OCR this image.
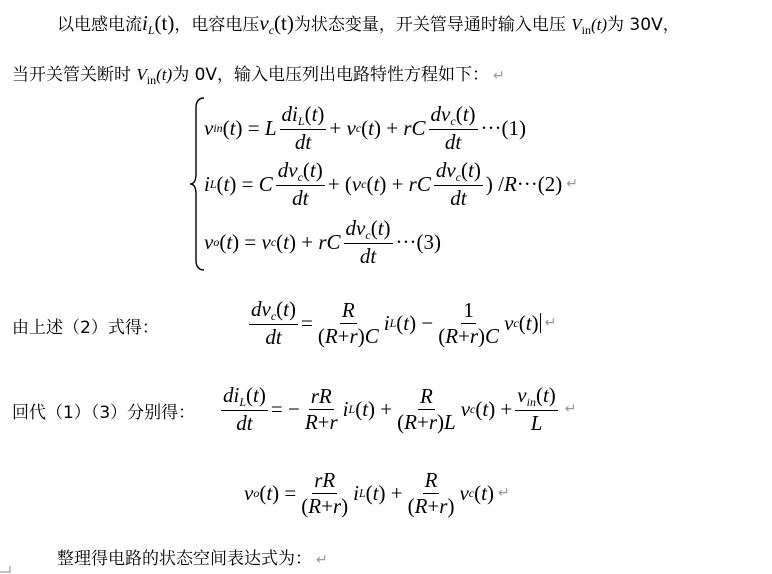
以电感电流$i_L(t)$，电容电压$v_c(t)$为状态变量，开关管导通时输入电压 $V_{in}(t)$为 30V，
当开关管关断时 $V_{in}(t)$为 0V，输入电压列出电路特性方程如下： ↵
v in ( t ) = L $\frac{di_L(t)}{dt} + v$ c ( t ) + rC $\frac{dv_c(t)}{dt} \cdot\cdot\cdot(1)$
i L ( t ) = C $\frac{dv_c(t)}{dt}$ + ( v c ( t ) + rC $\frac{dv_c(t)}{dt}$ ) / R ···(2) ↵
v o ( t ) = v c ( t ) + rC $\frac{dv_c(t)}{dt} \cdot\cdot\cdot(3)$
由上述（2）式得：	$\frac{dv_c(t)}{dt} = \frac{R}{(R+r)C}$ i L ( t ) − $\frac{1}{(R+r)C}$ v c ( t ) ↵
回代（1）（3）分别得： $\frac{di_L(t)}{dt}$ = − $\frac{rR}{R+r}$ i L ( t ) + $\frac{R}{(R+r)L}$ v c ( t ) + $\frac{v_{in}(t)}{L}$ ↵
v o ( t ) = $\frac{rR}{(R+r)}$ i L ( t ) + $\frac{R}{(R+r)}$ v c ( t ) ↵
整理得电路的状态空间表达式为： ↵
